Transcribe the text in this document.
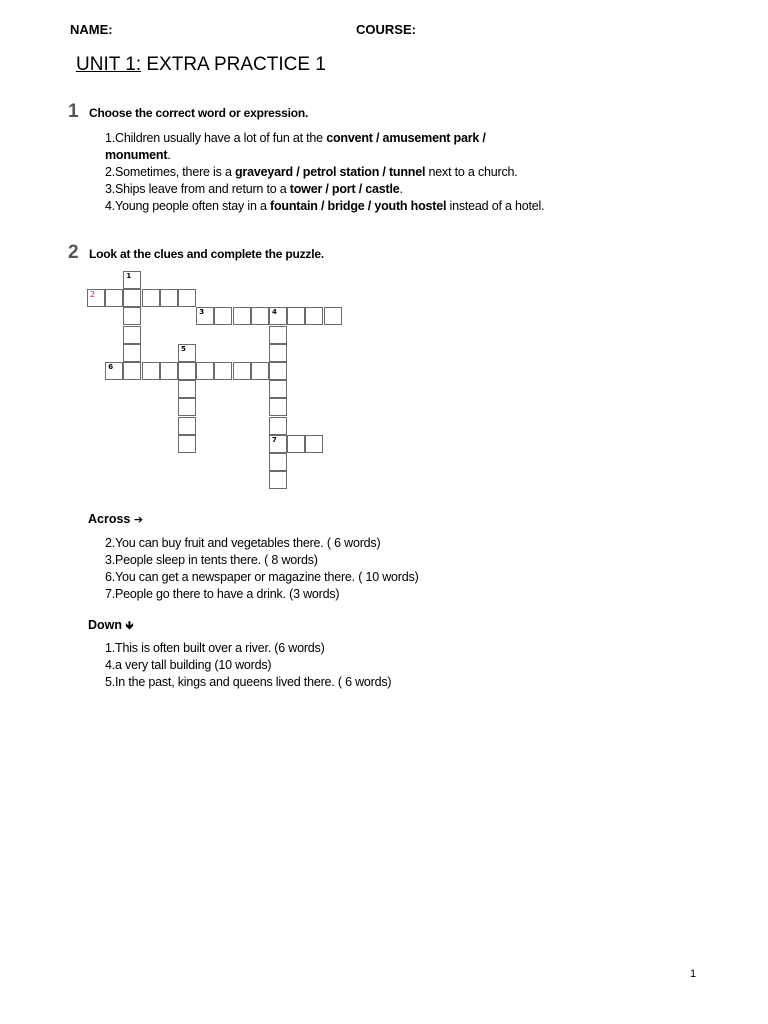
NAME:	COURSE:
UNIT 1: EXTRA PRACTICE 1
1 Choose the correct word or expression.
1.Children usually have a lot of fun at the convent / amusement park / monument.
2.Sometimes, there is a graveyard / petrol station / tunnel next to a church.
3.Ships leave from and return to a tower / port / castle.
4.Young people often stay in a fountain / bridge / youth hostel instead of a hotel.
2 Look at the clues and complete the puzzle.
1
2
3	4
7
5
6
Across ➔
2.You can buy fruit and vegetables there. ( 6 words)
3.People sleep in tents there. ( 8 words)
6.You can get a newspaper or magazine there. ( 10 words)
7.People go there to have a drink. (3 words)
Down 🡻
1.This is often built over a river. (6 words)
4.a very tall building (10 words)
5.In the past, kings and queens lived there. ( 6 words)
1
